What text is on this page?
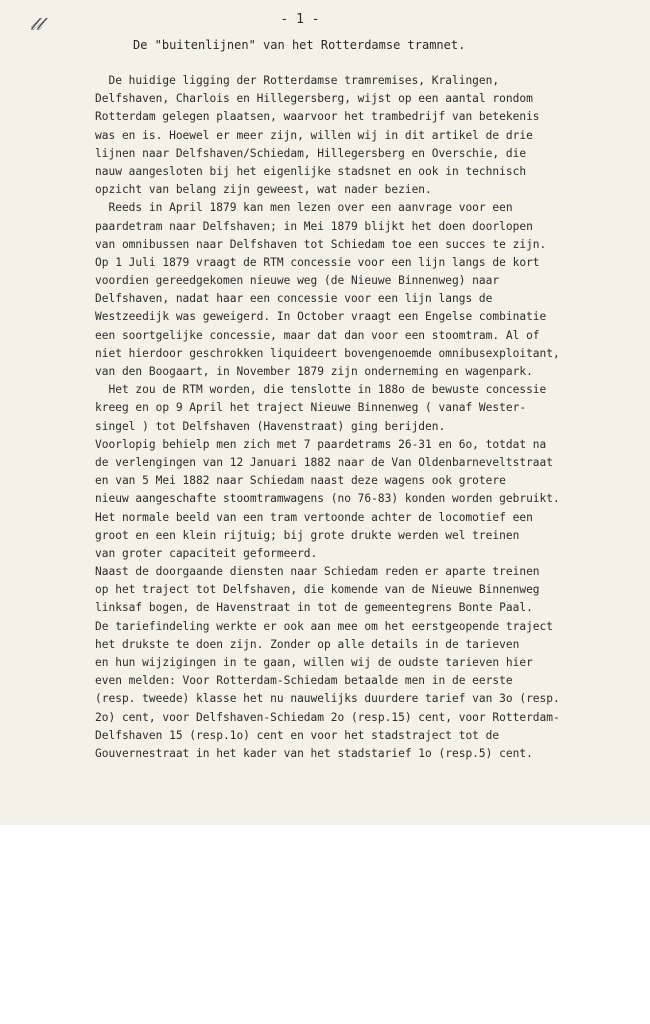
𝓁𝓁	- 1 -
De "buitenlijnen" van het Rotterdamse tramnet.
De huidige ligging der Rotterdamse tramremises, Kralingen,
Delfshaven, Charlois en Hillegersberg, wijst op een aantal rondom
Rotterdam gelegen plaatsen, waarvoor het trambedrijf van betekenis
was en is. Hoewel er meer zijn, willen wij in dit artikel de drie
lijnen naar Delfshaven/Schiedam, Hillegersberg en Overschie, die
nauw aangesloten bij het eigenlijke stadsnet en ook in technisch
opzicht van belang zijn geweest, wat nader bezien.
Reeds in April 1879 kan men lezen over een aanvrage voor een
paardetram naar Delfshaven; in Mei 1879 blijkt het doen doorlopen
van omnibussen naar Delfshaven tot Schiedam toe een succes te zijn.
Op 1 Juli 1879 vraagt de RTM concessie voor een lijn langs de kort
voordien gereedgekomen nieuwe weg (de Nieuwe Binnenweg) naar
Delfshaven, nadat haar een concessie voor een lijn langs de
Westzeedijk was geweigerd. In October vraagt een Engelse combinatie
een soortgelijke concessie, maar dat dan voor een stoomtram. Al of
niet hierdoor geschrokken liquideert bovengenoemde omnibusexploitant,
van den Boogaart, in November 1879 zijn onderneming en wagenpark.
Het zou de RTM worden, die tenslotte in 188o de bewuste concessie
kreeg en op 9 April het traject Nieuwe Binnenweg ( vanaf Wester-
singel ) tot Delfshaven (Havenstraat) ging berijden.
Voorlopig behielp men zich met 7 paardetrams 26-31 en 6o, totdat na
de verlengingen van 12 Januari 1882 naar de Van Oldenbarneveltstraat
en van 5 Mei 1882 naar Schiedam naast deze wagens ook grotere
nieuw aangeschafte stoomtramwagens (no 76-83) konden worden gebruikt.
Het normale beeld van een tram vertoonde achter de locomotief een
groot en een klein rijtuig; bij grote drukte werden wel treinen
van groter capaciteit geformeerd.
Naast de doorgaande diensten naar Schiedam reden er aparte treinen
op het traject tot Delfshaven, die komende van de Nieuwe Binnenweg
linksaf bogen, de Havenstraat in tot de gemeentegrens Bonte Paal.
De tariefindeling werkte er ook aan mee om het eerstgeopende traject
het drukste te doen zijn. Zonder op alle details in de tarieven
en hun wijzigingen in te gaan, willen wij de oudste tarieven hier
even melden: Voor Rotterdam-Schiedam betaalde men in de eerste
(resp. tweede) klasse het nu nauwelijks duurdere tarief van 3o (resp.
2o) cent, voor Delfshaven-Schiedam 2o (resp.15) cent, voor Rotterdam-
Delfshaven 15 (resp.1o) cent en voor het stadstraject tot de
Gouvernestraat in het kader van het stadstarief 1o (resp.5) cent.
